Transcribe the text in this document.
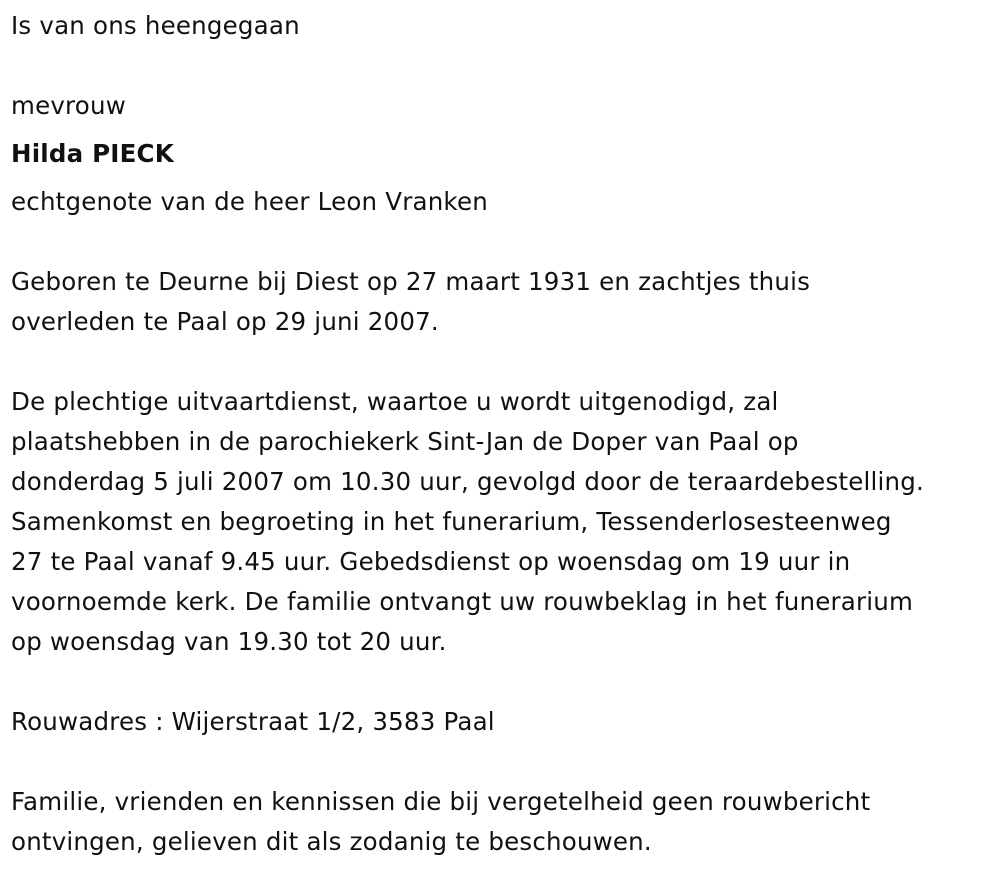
Is van ons heengegaan

mevrouw

Hilda PIECK

echtgenote van de heer Leon Vranken

Geboren te Deurne bij Diest op 27 maart 1931 en zachtjes thuis
overleden te Paal op 29 juni 2007.

De plechtige uitvaartdienst, waartoe u wordt uitgenodigd, zal
plaatshebben in de parochiekerk Sint-Jan de Doper van Paal op
donderdag 5 juli 2007 om 10.30 uur, gevolgd door de teraardebestelling.
Samenkomst en begroeting in het funerarium, Tessenderlosesteenweg
27 te Paal vanaf 9.45 uur. Gebedsdienst op woensdag om 19 uur in
voornoemde kerk. De familie ontvangt uw rouwbeklag in het funerarium
op woensdag van 19.30 tot 20 uur.

Rouwadres : Wijerstraat 1/2, 3583 Paal

Familie, vrienden en kennissen die bij vergetelheid geen rouwbericht
ontvingen, gelieven dit als zodanig te beschouwen.
